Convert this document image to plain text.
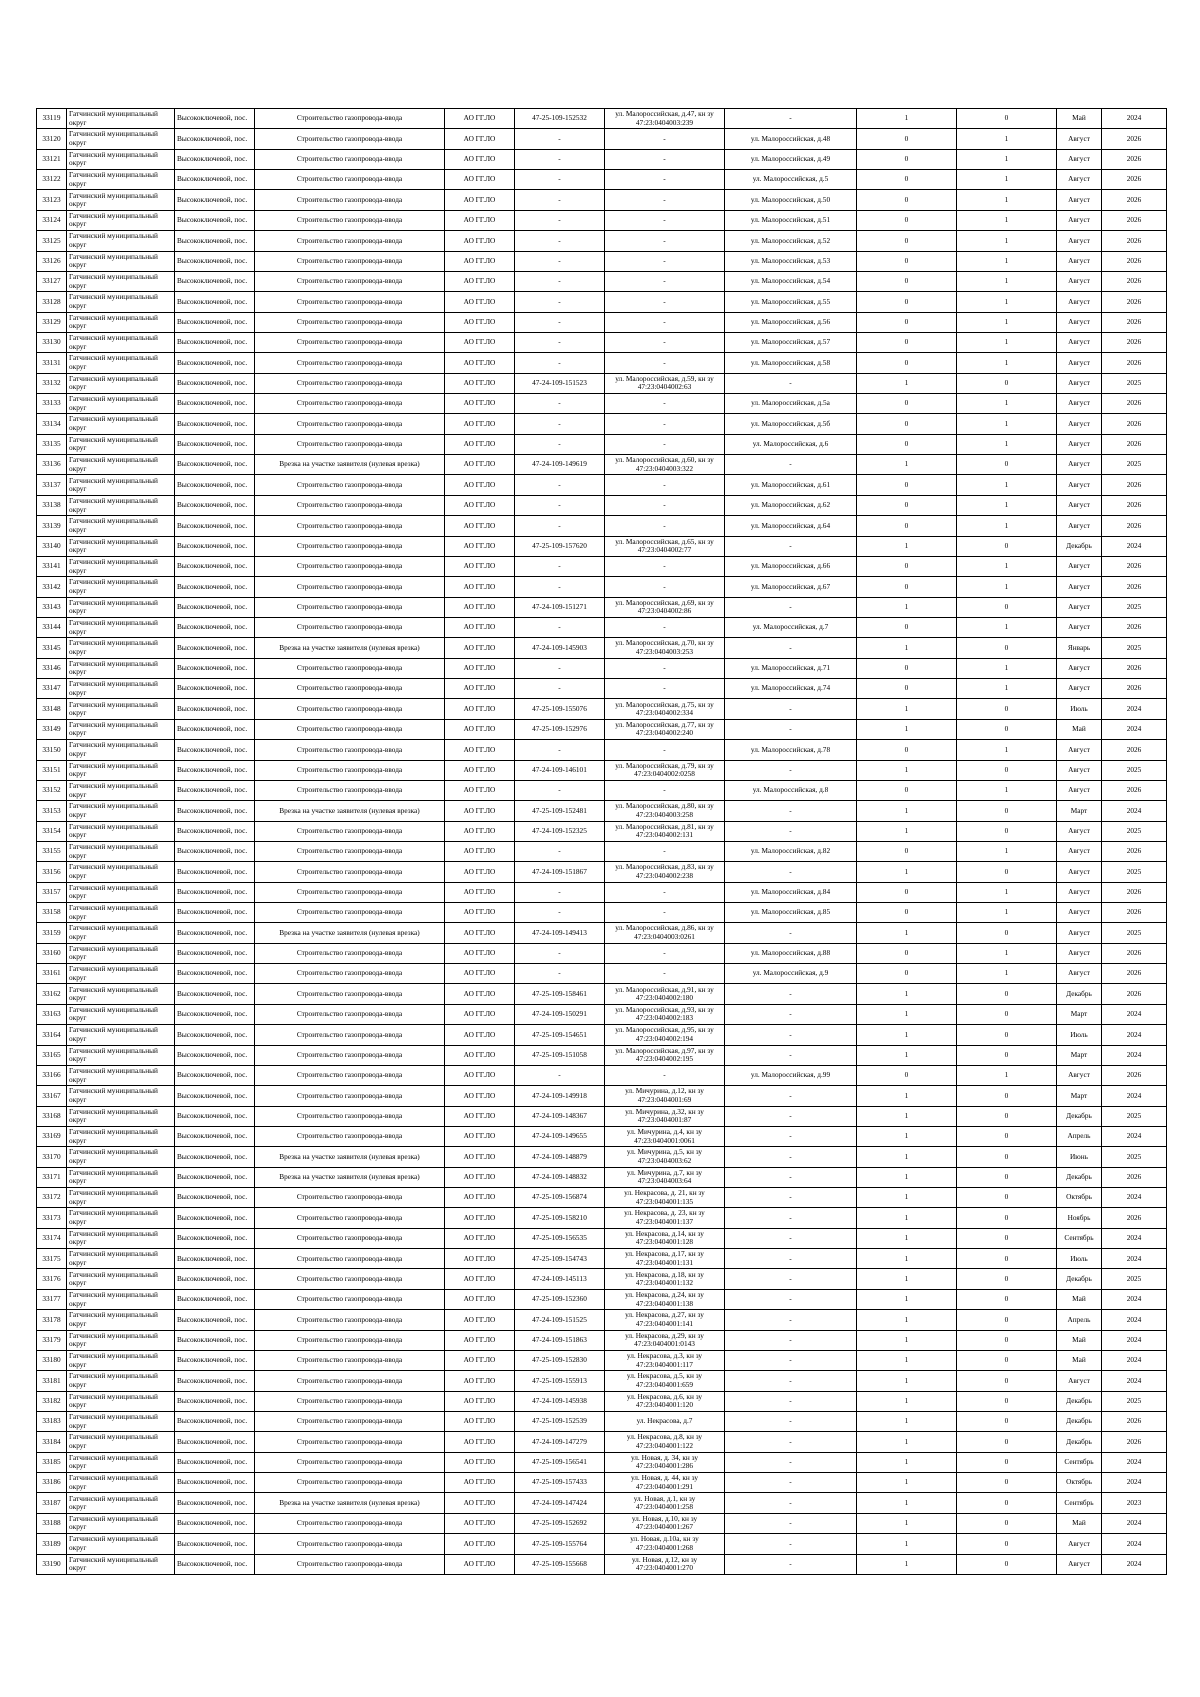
33119	Гатчинский муниципальный округ	Высокоключевой, пос.	Строительство газопровода-ввода	АО ГГ.ЛО	47-25-109-152532	ул. Малороссийская, д.47, кн зу 47:23:0404003:239	-	1	0	Май	2024
33120	Гатчинский муниципальный округ	Высокоключевой, пос.	Строительство газопровода-ввода	АО ГГ.ЛО	-	-	ул. Малороссийская, д.48	0	1	Август	2026
33121	Гатчинский муниципальный округ	Высокоключевой, пос.	Строительство газопровода-ввода	АО ГГ.ЛО	-	-	ул. Малороссийская, д.49	0	1	Август	2026
33122	Гатчинский муниципальный округ	Высокоключевой, пос.	Строительство газопровода-ввода	АО ГГ.ЛО	-	-	ул. Малороссийская, д.5	0	1	Август	2026
33123	Гатчинский муниципальный округ	Высокоключевой, пос.	Строительство газопровода-ввода	АО ГГ.ЛО	-	-	ул. Малороссийская, д.50	0	1	Август	2026
33124	Гатчинский муниципальный округ	Высокоключевой, пос.	Строительство газопровода-ввода	АО ГГ.ЛО	-	-	ул. Малороссийская, д.51	0	1	Август	2026
33125	Гатчинский муниципальный округ	Высокоключевой, пос.	Строительство газопровода-ввода	АО ГГ.ЛО	-	-	ул. Малороссийская, д.52	0	1	Август	2026
33126	Гатчинский муниципальный округ	Высокоключевой, пос.	Строительство газопровода-ввода	АО ГГ.ЛО	-	-	ул. Малороссийская, д.53	0	1	Август	2026
33127	Гатчинский муниципальный округ	Высокоключевой, пос.	Строительство газопровода-ввода	АО ГГ.ЛО	-	-	ул. Малороссийская, д.54	0	1	Август	2026
33128	Гатчинский муниципальный округ	Высокоключевой, пос.	Строительство газопровода-ввода	АО ГГ.ЛО	-	-	ул. Малороссийская, д.55	0	1	Август	2026
33129	Гатчинский муниципальный округ	Высокоключевой, пос.	Строительство газопровода-ввода	АО ГГ.ЛО	-	-	ул. Малороссийская, д.56	0	1	Август	2026
33130	Гатчинский муниципальный округ	Высокоключевой, пос.	Строительство газопровода-ввода	АО ГГ.ЛО	-	-	ул. Малороссийская, д.57	0	1	Август	2026
33131	Гатчинский муниципальный округ	Высокоключевой, пос.	Строительство газопровода-ввода	АО ГГ.ЛО	-	-	ул. Малороссийская, д.58	0	1	Август	2026
33132	Гатчинский муниципальный округ	Высокоключевой, пос.	Строительство газопровода-ввода	АО ГГ.ЛО	47-24-109-151523	ул. Малороссийская, д.59, кн зу 47:23:0404002:63	-	1	0	Август	2025
33133	Гатчинский муниципальный округ	Высокоключевой, пос.	Строительство газопровода-ввода	АО ГГ.ЛО	-	-	ул. Малороссийская, д.5а	0	1	Август	2026
33134	Гатчинский муниципальный округ	Высокоключевой, пос.	Строительство газопровода-ввода	АО ГГ.ЛО	-	-	ул. Малороссийская, д.5б	0	1	Август	2026
33135	Гатчинский муниципальный округ	Высокоключевой, пос.	Строительство газопровода-ввода	АО ГГ.ЛО	-	-	ул. Малороссийская, д.6	0	1	Август	2026
33136	Гатчинский муниципальный округ	Высокоключевой, пос.	Врезка на участке заявителя (нулевая врезка)	АО ГГ.ЛО	47-24-109-149619	ул. Малороссийская, д.60, кн зу 47:23:0404003:322	-	1	0	Август	2025
33137	Гатчинский муниципальный округ	Высокоключевой, пос.	Строительство газопровода-ввода	АО ГГ.ЛО	-	-	ул. Малороссийская, д.61	0	1	Август	2026
33138	Гатчинский муниципальный округ	Высокоключевой, пос.	Строительство газопровода-ввода	АО ГГ.ЛО	-	-	ул. Малороссийская, д.62	0	1	Август	2026
33139	Гатчинский муниципальный округ	Высокоключевой, пос.	Строительство газопровода-ввода	АО ГГ.ЛО	-	-	ул. Малороссийская, д.64	0	1	Август	2026
33140	Гатчинский муниципальный округ	Высокоключевой, пос.	Строительство газопровода-ввода	АО ГГ.ЛО	47-25-109-157620	ул. Малороссийская, д.65, кн зу 47:23:0404002:77	-	1	0	Декабрь	2024
33141	Гатчинский муниципальный округ	Высокоключевой, пос.	Строительство газопровода-ввода	АО ГГ.ЛО	-	-	ул. Малороссийская, д.66	0	1	Август	2026
33142	Гатчинский муниципальный округ	Высокоключевой, пос.	Строительство газопровода-ввода	АО ГГ.ЛО	-	-	ул. Малороссийская, д.67	0	1	Август	2026
33143	Гатчинский муниципальный округ	Высокоключевой, пос.	Строительство газопровода-ввода	АО ГГ.ЛО	47-24-109-151271	ул. Малороссийская, д.69, кн зу 47:23:0404002:86	-	1	0	Август	2025
33144	Гатчинский муниципальный округ	Высокоключевой, пос.	Строительство газопровода-ввода	АО ГГ.ЛО	-	-	ул. Малороссийская, д.7	0	1	Август	2026
33145	Гатчинский муниципальный округ	Высокоключевой, пос.	Врезка на участке заявителя (нулевая врезка)	АО ГГ.ЛО	47-24-109-145903	ул. Малороссийская, д.70, кн зу 47:23:0404003:253	-	1	0	Январь	2025
33146	Гатчинский муниципальный округ	Высокоключевой, пос.	Строительство газопровода-ввода	АО ГГ.ЛО	-	-	ул. Малороссийская, д.71	0	1	Август	2026
33147	Гатчинский муниципальный округ	Высокоключевой, пос.	Строительство газопровода-ввода	АО ГГ.ЛО	-	-	ул. Малороссийская, д.74	0	1	Август	2026
33148	Гатчинский муниципальный округ	Высокоключевой, пос.	Строительство газопровода-ввода	АО ГГ.ЛО	47-25-109-155076	ул. Малороссийская, д.75, кн зу 47:23:0404002:334	-	1	0	Июль	2024
33149	Гатчинский муниципальный округ	Высокоключевой, пос.	Строительство газопровода-ввода	АО ГГ.ЛО	47-25-109-152976	ул. Малороссийская, д.77, кн зу 47:23:0404002:240	-	1	0	Май	2024
33150	Гатчинский муниципальный округ	Высокоключевой, пос.	Строительство газопровода-ввода	АО ГГ.ЛО	-	-	ул. Малороссийская, д.78	0	1	Август	2026
33151	Гатчинский муниципальный округ	Высокоключевой, пос.	Строительство газопровода-ввода	АО ГГ.ЛО	47-24-109-146101	ул. Малороссийская, д.79, кн зу 47:23:0404002:0258	-	1	0	Август	2025
33152	Гатчинский муниципальный округ	Высокоключевой, пос.	Строительство газопровода-ввода	АО ГГ.ЛО	-	-	ул. Малороссийская, д.8	0	1	Август	2026
33153	Гатчинский муниципальный округ	Высокоключевой, пос.	Врезка на участке заявителя (нулевая врезка)	АО ГГ.ЛО	47-25-109-152481	ул. Малороссийская, д.80, кн зу 47:23:0404003:258	-	1	0	Март	2024
33154	Гатчинский муниципальный округ	Высокоключевой, пос.	Строительство газопровода-ввода	АО ГГ.ЛО	47-24-109-152325	ул. Малороссийская, д.81, кн зу 47:23:0404002:131	-	1	0	Август	2025
33155	Гатчинский муниципальный округ	Высокоключевой, пос.	Строительство газопровода-ввода	АО ГГ.ЛО	-	-	ул. Малороссийская, д.82	0	1	Август	2026
33156	Гатчинский муниципальный округ	Высокоключевой, пос.	Строительство газопровода-ввода	АО ГГ.ЛО	47-24-109-151867	ул. Малороссийская, д.83, кн зу 47:23:0404002:238	-	1	0	Август	2025
33157	Гатчинский муниципальный округ	Высокоключевой, пос.	Строительство газопровода-ввода	АО ГГ.ЛО	-	-	ул. Малороссийская, д.84	0	1	Август	2026
33158	Гатчинский муниципальный округ	Высокоключевой, пос.	Строительство газопровода-ввода	АО ГГ.ЛО	-	-	ул. Малороссийская, д.85	0	1	Август	2026
33159	Гатчинский муниципальный округ	Высокоключевой, пос.	Врезка на участке заявителя (нулевая врезка)	АО ГГ.ЛО	47-24-109-149413	ул. Малороссийская, д.86, кн зу 47:23:0404003:0261	-	1	0	Август	2025
33160	Гатчинский муниципальный округ	Высокоключевой, пос.	Строительство газопровода-ввода	АО ГГ.ЛО	-	-	ул. Малороссийская, д.88	0	1	Август	2026
33161	Гатчинский муниципальный округ	Высокоключевой, пос.	Строительство газопровода-ввода	АО ГГ.ЛО	-	-	ул. Малороссийская, д.9	0	1	Август	2026
33162	Гатчинский муниципальный округ	Высокоключевой, пос.	Строительство газопровода-ввода	АО ГГ.ЛО	47-25-109-158461	ул. Малороссийская, д.91, кн зу 47:23:0404002:180	-	1	0	Декабрь	2026
33163	Гатчинский муниципальный округ	Высокоключевой, пос.	Строительство газопровода-ввода	АО ГГ.ЛО	47-24-109-150291	ул. Малороссийская, д.93, кн зу 47:23:0404002:183	-	1	0	Март	2024
33164	Гатчинский муниципальный округ	Высокоключевой, пос.	Строительство газопровода-ввода	АО ГГ.ЛО	47-25-109-154651	ул. Малороссийская, д.95, кн зу 47:23:0404002:194	-	1	0	Июль	2024
33165	Гатчинский муниципальный округ	Высокоключевой, пос.	Строительство газопровода-ввода	АО ГГ.ЛО	47-25-109-151058	ул. Малороссийская, д.97, кн зу 47:23:0404002:195	-	1	0	Март	2024
33166	Гатчинский муниципальный округ	Высокоключевой, пос.	Строительство газопровода-ввода	АО ГГ.ЛО	-	-	ул. Малороссийская, д.99	0	1	Август	2026
33167	Гатчинский муниципальный округ	Высокоключевой, пос.	Строительство газопровода-ввода	АО ГГ.ЛО	47-24-109-149918	ул. Мичурина, д.12, кн зу 47:23:0404001:69	-	1	0	Март	2024
33168	Гатчинский муниципальный округ	Высокоключевой, пос.	Строительство газопровода-ввода	АО ГГ.ЛО	47-24-109-148367	ул. Мичурина, д.32, кн зу 47:23:0404001:87	-	1	0	Декабрь	2025
33169	Гатчинский муниципальный округ	Высокоключевой, пос.	Строительство газопровода-ввода	АО ГГ.ЛО	47-24-109-149655	ул. Мичурина, д.4, кн зу 47:23:0404001:0061	-	1	0	Апрель	2024
33170	Гатчинский муниципальный округ	Высокоключевой, пос.	Врезка на участке заявителя (нулевая врезка)	АО ГГ.ЛО	47-24-109-148879	ул. Мичурина, д.5, кн зу 47:23:0404003:62	-	1	0	Июнь	2025
33171	Гатчинский муниципальный округ	Высокоключевой, пос.	Врезка на участке заявителя (нулевая врезка)	АО ГГ.ЛО	47-24-109-148832	ул. Мичурина, д.7, кн зу 47:23:0404003:64	-	1	0	Декабрь	2026
33172	Гатчинский муниципальный округ	Высокоключевой, пос.	Строительство газопровода-ввода	АО ГГ.ЛО	47-25-109-156874	ул. Некрасова, д. 21, кн зу 47:23:0404001:135	-	1	0	Октябрь	2024
33173	Гатчинский муниципальный округ	Высокоключевой, пос.	Строительство газопровода-ввода	АО ГГ.ЛО	47-25-109-158210	ул. Некрасова, д. 23, кн зу 47:23:0404001:137	-	1	0	Ноябрь	2026
33174	Гатчинский муниципальный округ	Высокоключевой, пос.	Строительство газопровода-ввода	АО ГГ.ЛО	47-25-109-156535	ул. Некрасова, д.14, кн зу 47:23:0404001:128	-	1	0	Сентябрь	2024
33175	Гатчинский муниципальный округ	Высокоключевой, пос.	Строительство газопровода-ввода	АО ГГ.ЛО	47-25-109-154743	ул. Некрасова, д.17, кн зу 47:23:0404001:131	-	1	0	Июль	2024
33176	Гатчинский муниципальный округ	Высокоключевой, пос.	Строительство газопровода-ввода	АО ГГ.ЛО	47-24-109-145113	ул. Некрасова, д.18, кн зу 47:23:0404001:132	-	1	0	Декабрь	2025
33177	Гатчинский муниципальный округ	Высокоключевой, пос.	Строительство газопровода-ввода	АО ГГ.ЛО	47-25-109-152360	ул. Некрасова, д.24, кн зу 47:23:0404001:138	-	1	0	Май	2024
33178	Гатчинский муниципальный округ	Высокоключевой, пос.	Строительство газопровода-ввода	АО ГГ.ЛО	47-24-109-151525	ул. Некрасова, д.27, кн зу 47:23:0404001:141	-	1	0	Апрель	2024
33179	Гатчинский муниципальный округ	Высокоключевой, пос.	Строительство газопровода-ввода	АО ГГ.ЛО	47-24-109-151863	ул. Некрасова, д.29, кн зу 47:23:0404001:0143	-	1	0	Май	2024
33180	Гатчинский муниципальный округ	Высокоключевой, пос.	Строительство газопровода-ввода	АО ГГ.ЛО	47-25-109-152830	ул. Некрасова, д.3, кн зу 47:23:0404001:117	-	1	0	Май	2024
33181	Гатчинский муниципальный округ	Высокоключевой, пос.	Строительство газопровода-ввода	АО ГГ.ЛО	47-25-109-155913	ул. Некрасова, д.5, кн зу 47:23:0404001:659	-	1	0	Август	2024
33182	Гатчинский муниципальный округ	Высокоключевой, пос.	Строительство газопровода-ввода	АО ГГ.ЛО	47-24-109-145938	ул. Некрасова, д.6, кн зу 47:23:0404001:120	-	1	0	Декабрь	2025
33183	Гатчинский муниципальный округ	Высокоключевой, пос.	Строительство газопровода-ввода	АО ГГ.ЛО	47-25-109-152539	ул. Некрасова, д.7	-	1	0	Декабрь	2026
33184	Гатчинский муниципальный округ	Высокоключевой, пос.	Строительство газопровода-ввода	АО ГГ.ЛО	47-24-109-147279	ул. Некрасова, д.8, кн зу 47:23:0404001:122	-	1	0	Декабрь	2026
33185	Гатчинский муниципальный округ	Высокоключевой, пос.	Строительство газопровода-ввода	АО ГГ.ЛО	47-25-109-156541	ул. Новая, д. 34, кн зу 47:23:0404001:286	-	1	0	Сентябрь	2024
33186	Гатчинский муниципальный округ	Высокоключевой, пос.	Строительство газопровода-ввода	АО ГГ.ЛО	47-25-109-157433	ул. Новая, д. 44, кн зу 47:23:0404001:291	-	1	0	Октябрь	2024
33187	Гатчинский муниципальный округ	Высокоключевой, пос.	Врезка на участке заявителя (нулевая врезка)	АО ГГ.ЛО	47-24-109-147424	ул. Новая, д.1, кн зу 47:23:0404001:258	-	1	0	Сентябрь	2023
33188	Гатчинский муниципальный округ	Высокоключевой, пос.	Строительство газопровода-ввода	АО ГГ.ЛО	47-25-109-152692	ул. Новая, д.10, кн зу 47:23:0404001:267	-	1	0	Май	2024
33189	Гатчинский муниципальный округ	Высокоключевой, пос.	Строительство газопровода-ввода	АО ГГ.ЛО	47-25-109-155764	ул. Новая, д.10а, кн зу 47:23:0404001:268	-	1	0	Август	2024
33190	Гатчинский муниципальный округ	Высокоключевой, пос.	Строительство газопровода-ввода	АО ГГ.ЛО	47-25-109-155668	ул. Новая, д.12, кн зу 47:23:0404001:270	-	1	0	Август	2024
